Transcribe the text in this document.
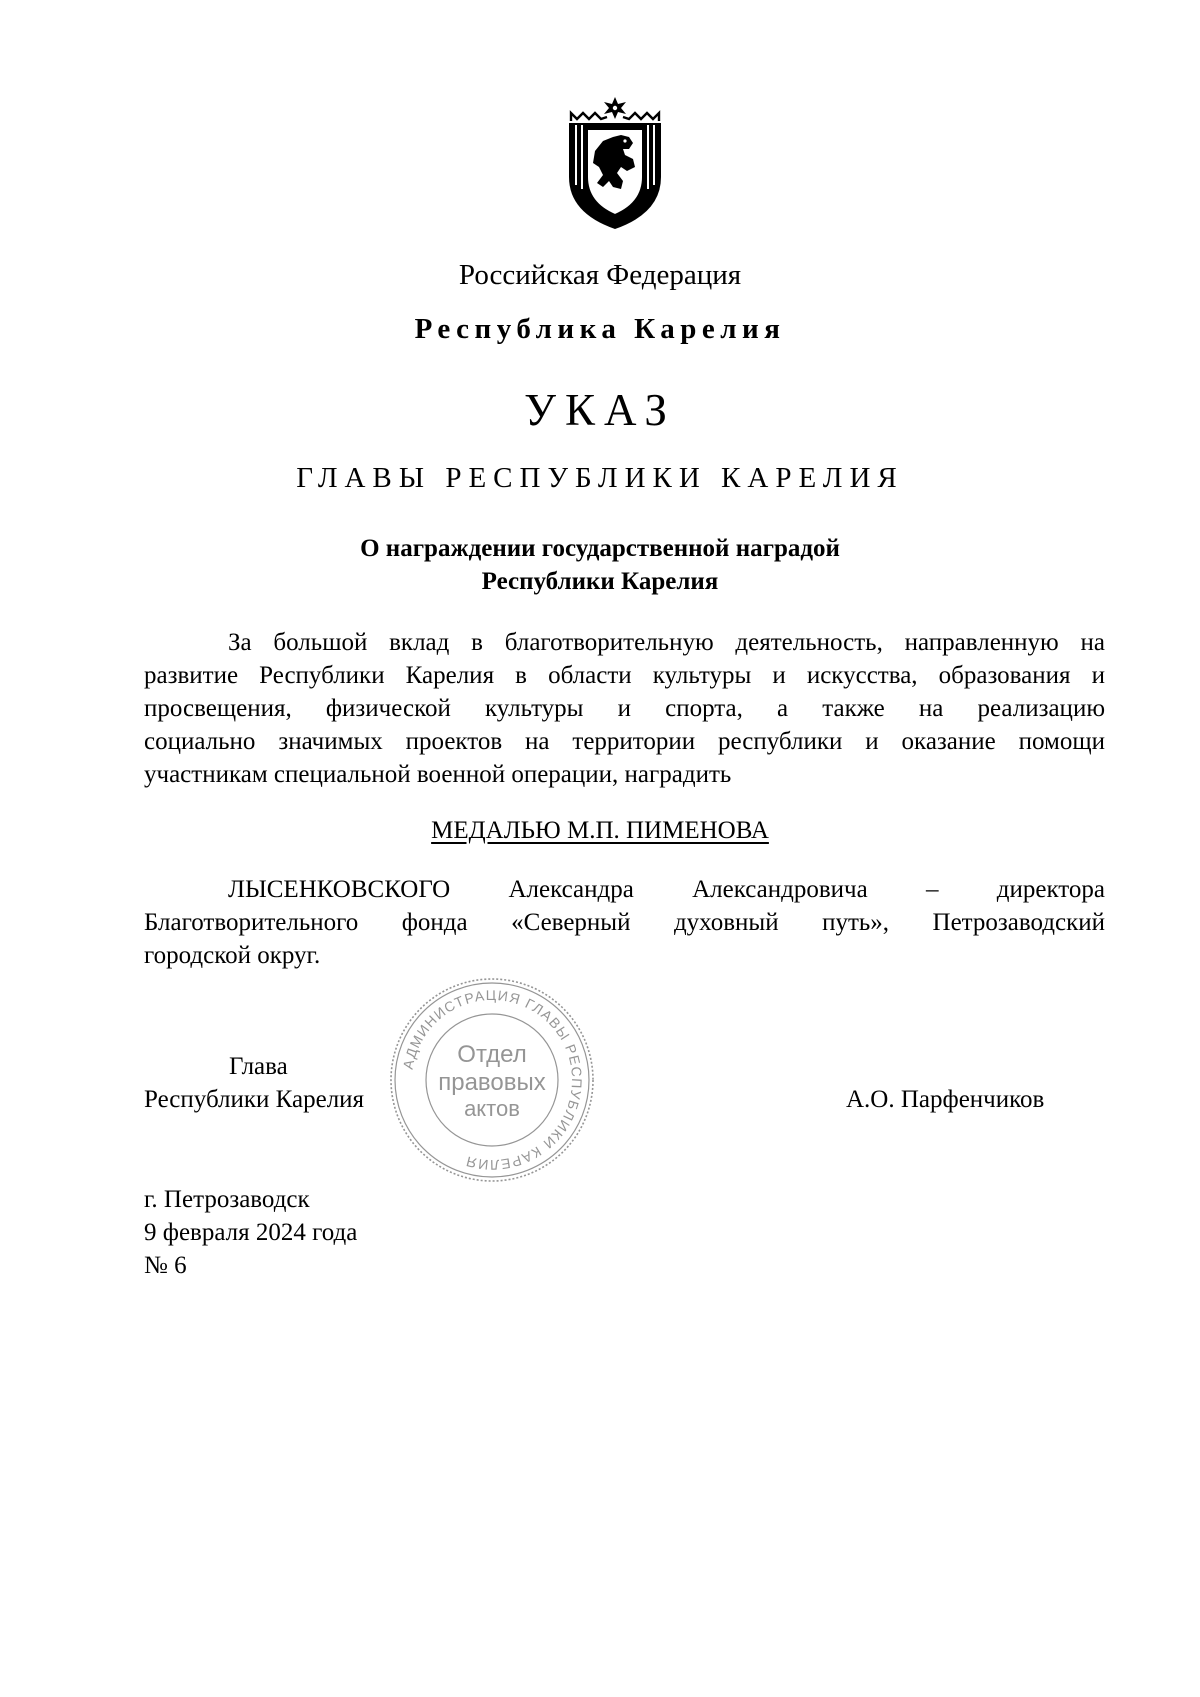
Российская Федерация
Республика Карелия
УКАЗ
ГЛАВЫ РЕСПУБЛИКИ КАРЕЛИЯ
О награждении государственной наградой
Республики Карелия
За большой вклад в благотворительную деятельность, направленную на
развитие Республики Карелия в области культуры и искусства, образования и
просвещения, физической культуры и спорта, а также на реализацию
социально значимых проектов на территории республики и оказание помощи
участникам специальной военной операции, наградить
МЕДАЛЬЮ М.П. ПИМЕНОВА
ЛЫСЕНКОВСКОГО Александра Александровича – директора
Благотворительного фонда «Северный духовный путь», Петрозаводский
городской округ.
Глава
Республики Карелия	А.О. Парфенчиков
АДМИНИСТРАЦИЯ ГЛАВЫ РЕСПУБЛИКИ КАРЕЛИЯ
Отдел
правовых
актов
г. Петрозаводск
9 февраля 2024 года
№ 6
